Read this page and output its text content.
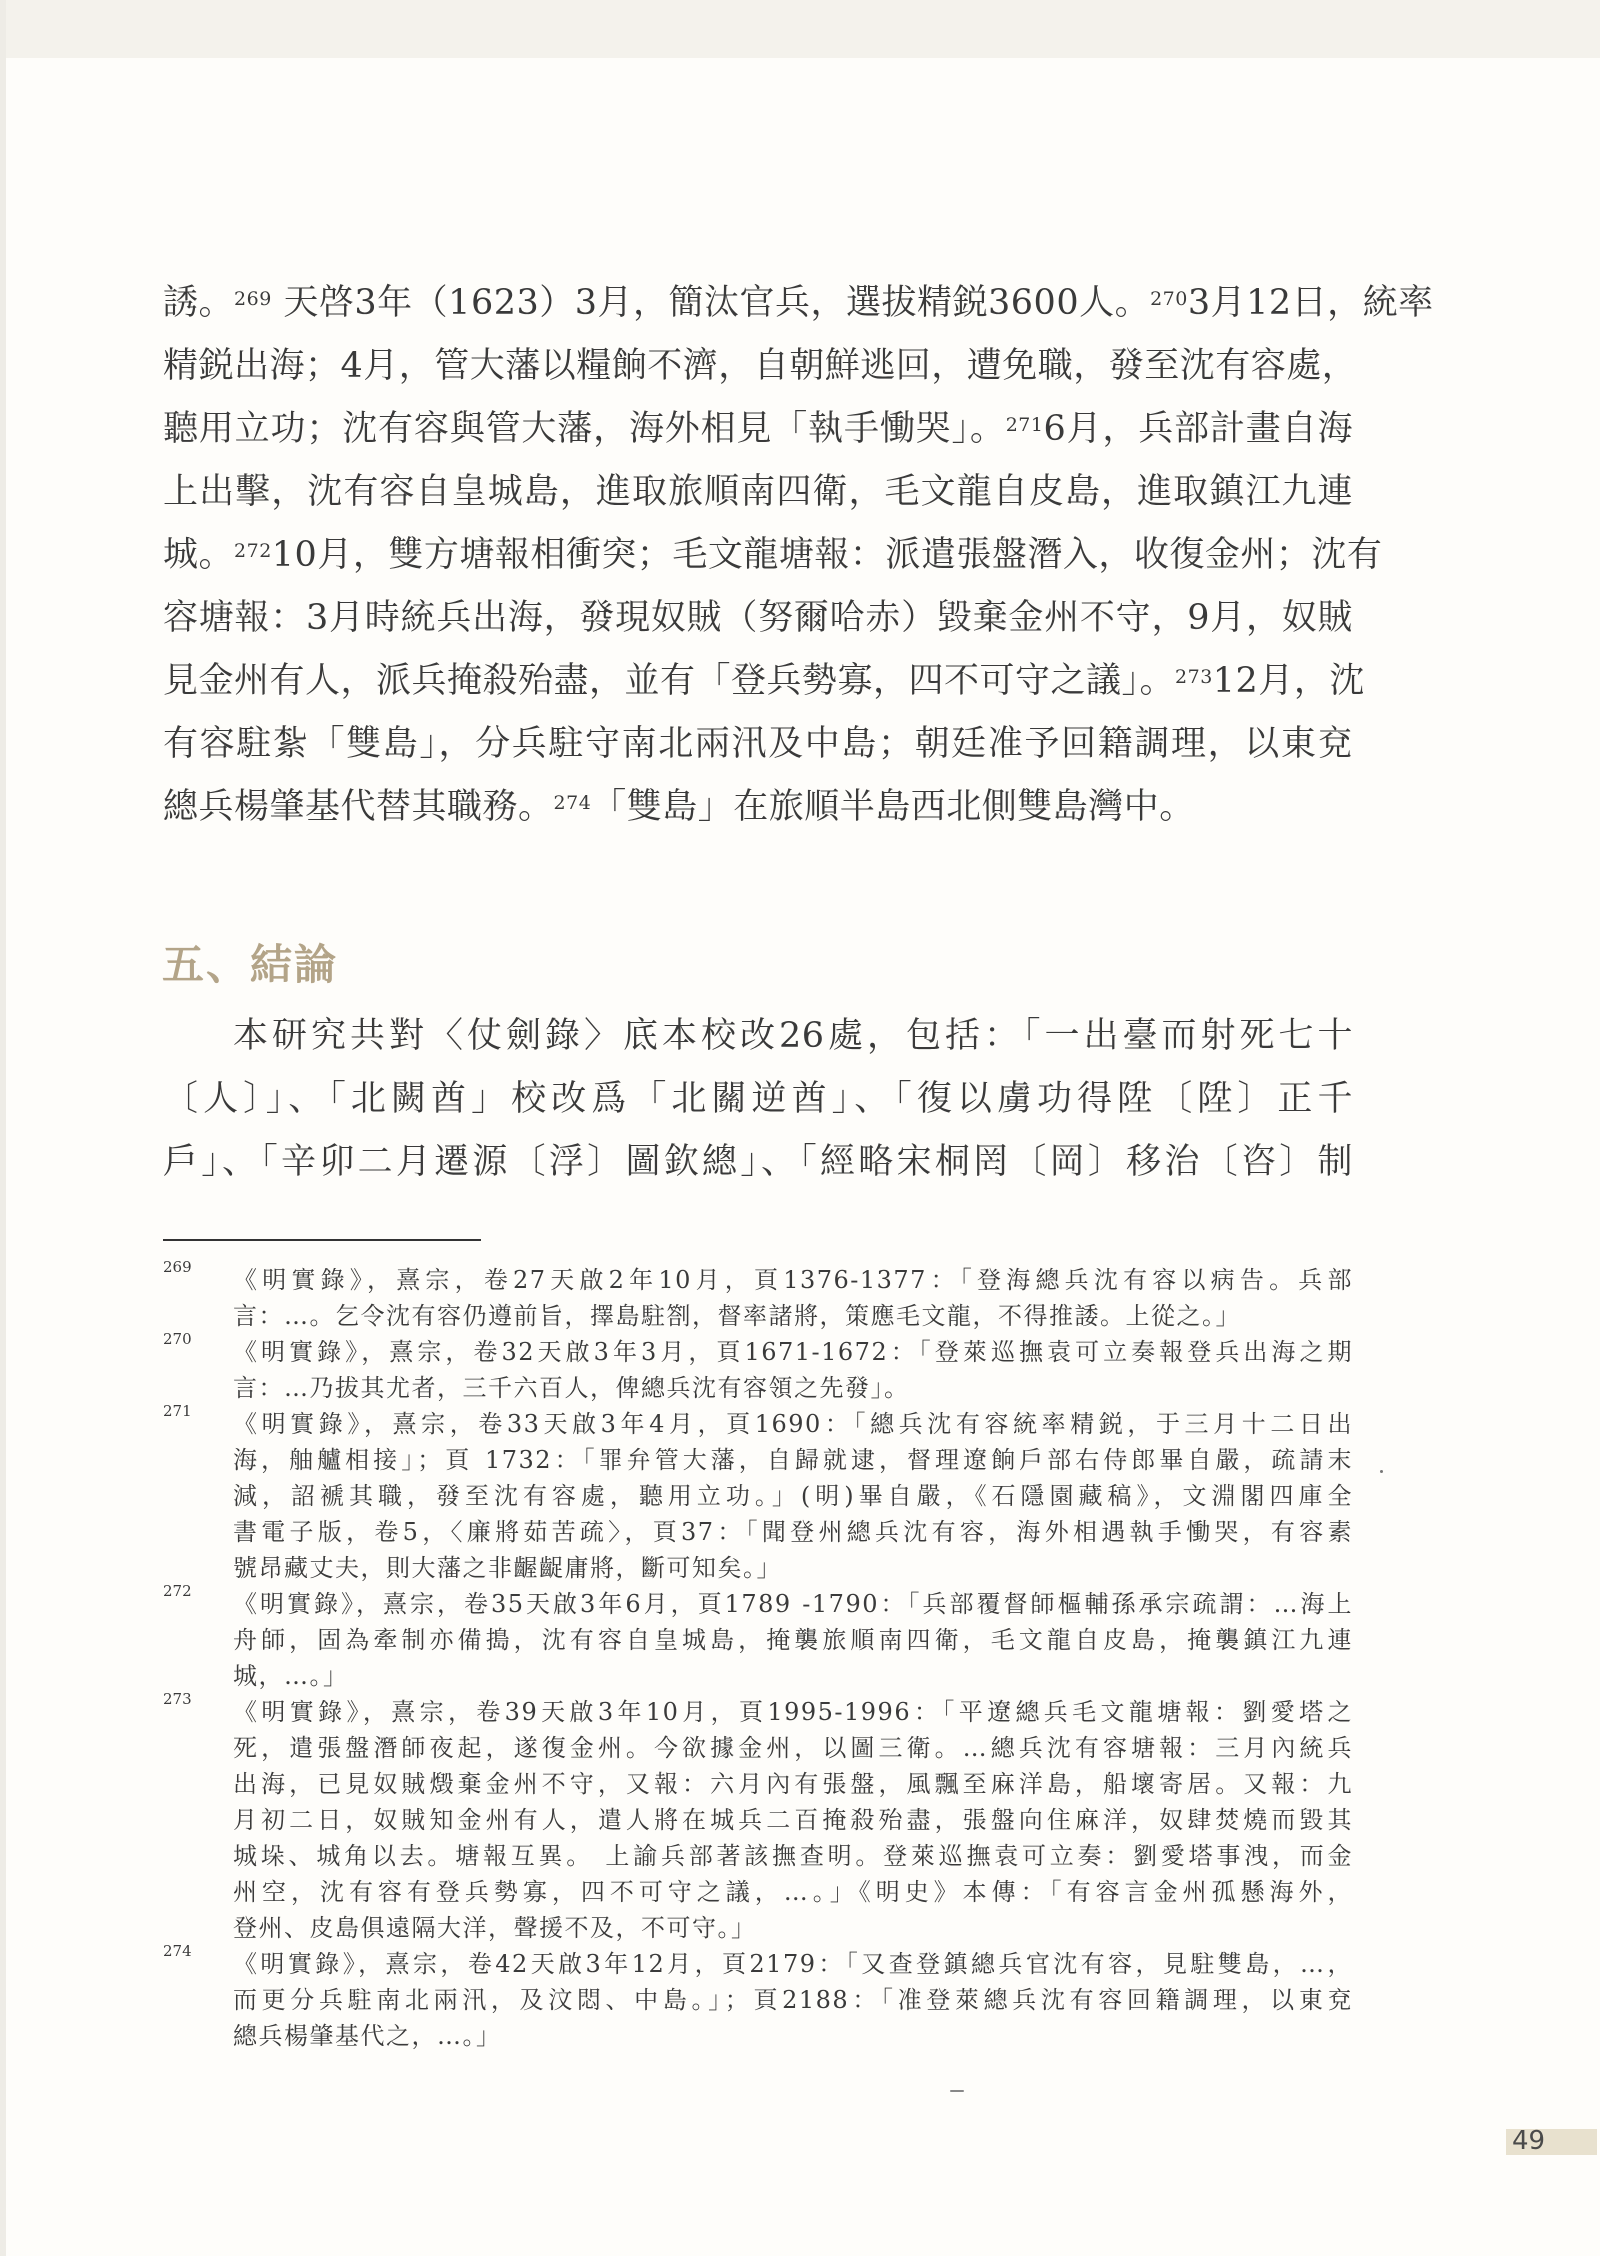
誘。$^{269}$ 天啓3年（1623）3月，簡汰官兵，選拔精鋭3600人。$^{270}$3月12日，統率
精鋭出海；4月，管大藩以糧餉不濟，自朝鮮逃回，遭免職，發至沈有容處，
聽用立功；沈有容與管大藩，海外相見「執手慟哭」。$^{271}$6月，兵部計畫自海
上出擊，沈有容自皇城島，進取旅順南四衛，毛文龍自皮島，進取鎮江九連
城。$^{272}$10月，雙方塘報相衝突；毛文龍塘報：派遣張盤潛入，收復金州；沈有
容塘報：3月時統兵出海，發現奴賊（努爾哈赤）毀棄金州不守，9月，奴賊
見金州有人，派兵掩殺殆盡，並有「登兵勢寡，四不可守之議」。$^{273}$12月，沈
有容駐紮「雙島」，分兵駐守南北兩汛及中島；朝廷准予回籍調理，以東兗
總兵楊肇基代替其職務。$^{274}$「雙島」在旅順半島西北側雙島灣中。
五、結論
本研究共對〈仗劍錄〉底本校改26處，包括：「一出臺而射死七十
〔人〕」、「北闕酋」校改爲「北關逆酋」、「復以虜功得陞〔陞〕正千
戶」、「辛卯二月遷源〔浮〕圖欽總」、「經略宋桐罔〔岡〕移治〔咨〕制
269 《明實錄》，熹宗，卷27天啟2年10月，頁1376-1377：「登海總兵沈有容以病告。兵部
言：…。乞令沈有容仍遵前旨，擇島駐劄，督率諸將，策應毛文龍，不得推諉。上從之。」
270 《明實錄》，熹宗，卷32天啟3年3月，頁1671-1672：「登萊巡撫袁可立奏報登兵出海之期
言：…乃拔其尤者，三千六百人，俾總兵沈有容領之先發」。
271 《明實錄》，熹宗，卷33天啟3年4月，頁1690：「總兵沈有容統率精鋭，于三月十二日出
海，舳艫相接」；頁 1732：「罪弁管大藩，自歸就逮，督理遼餉戶部右侍郎畢自嚴，疏請末
減，詔褫其職，發至沈有容處，聽用立功。」(明)畢自嚴，《石隱園藏稿》，文淵閣四庫全
書電子版，卷5，〈廉將茹苦疏〉，頁37：「聞登州總兵沈有容，海外相遇執手慟哭，有容素
號昂藏丈夫，則大藩之非齷齪庸將，斷可知矣。」
272 《明實錄》，熹宗，卷35天啟3年6月，頁1789 -1790：「兵部覆督師樞輔孫承宗疏謂：…海上
舟師，固為牽制亦備搗，沈有容自皇城島，掩襲旅順南四衛，毛文龍自皮島，掩襲鎮江九連
城，…。」
273 《明實錄》，熹宗，卷39天啟3年10月，頁1995-1996：「平遼總兵毛文龍塘報：劉愛塔之
死，遣張盤潛師夜起，遂復金州。今欲據金州，以圖三衛。…總兵沈有容塘報：三月內統兵
出海，已見奴賊燬棄金州不守，又報：六月內有張盤，風飄至麻洋島，船壞寄居。又報：九
月初二日，奴賊知金州有人，遣人將在城兵二百掩殺殆盡，張盤向住麻洋，奴肆焚燒而毀其
城垛、城角以去。塘報互異。 上諭兵部著該撫查明。登萊巡撫袁可立奏：劉愛塔事洩，而金
州空，沈有容有登兵勢寡，四不可守之議，…。」《明史》本傳：「有容言金州孤懸海外，
登州、皮島俱遠隔大洋，聲援不及，不可守。」
274 《明實錄》，熹宗，卷42天啟3年12月，頁2179：「又查登鎮總兵官沈有容，見駐雙島，…，
而更分兵駐南北兩汛，及汶悶、中島。」；頁2188：「准登萊總兵沈有容回籍調理，以東兗
總兵楊肇基代之，…。」
49
